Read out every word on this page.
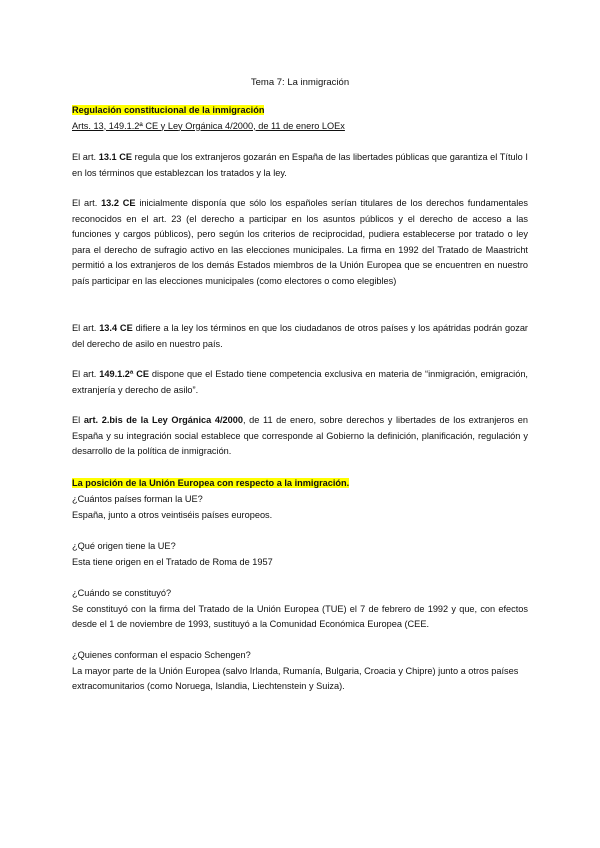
Tema 7: La inmigración
Regulación constitucional de la inmigración
Arts. 13, 149.1.2ª CE y Ley Orgánica 4/2000, de 11 de enero LOEx
El art. 13.1 CE regula que los extranjeros gozarán en España de las libertades públicas que garantiza el Título I en los términos que establezcan los tratados y la ley.
El art. 13.2 CE inicialmente disponía que sólo los españoles serían titulares de los derechos fundamentales reconocidos en el art. 23 (el derecho a participar en los asuntos públicos y el derecho de acceso a las funciones y cargos públicos), pero según los criterios de reciprocidad, pudiera establecerse por tratado o ley para el derecho de sufragio activo en las elecciones municipales. La firma en 1992 del Tratado de Maastricht permitió a los extranjeros de los demás Estados miembros de la Unión Europea que se encuentren en nuestro país participar en las elecciones municipales (como electores o como elegibles)
El art. 13.4 CE difiere a la ley los términos en que los ciudadanos de otros países y los apátridas podrán gozar del derecho de asilo en nuestro país.
El art. 149.1.2ª CE dispone que el Estado tiene competencia exclusiva en materia de “inmigración, emigración, extranjería y derecho de asilo”.
El art. 2.bis de la Ley Orgánica 4/2000, de 11 de enero, sobre derechos y libertades de los extranjeros en España y su integración social establece que corresponde al Gobierno la definición, planificación, regulación y desarrollo de la política de inmigración.
La posición de la Unión Europea con respecto a la inmigración.
¿Cuántos países forman la UE?
España, junto a otros veintiséis países europeos.
¿Qué origen tiene la UE?
Esta tiene origen en el Tratado de Roma de 1957
¿Cuándo se constituyó?
Se constituyó con la firma del Tratado de la Unión Europea (TUE) el 7 de febrero de 1992 y que, con efectos desde el 1 de noviembre de 1993, sustituyó a la Comunidad Económica Europea (CEE.
¿Quienes conforman el espacio Schengen?
La mayor parte de la Unión Europea (salvo Irlanda, Rumanía, Bulgaria, Croacia y Chipre) junto a otros países extracomunitarios (como Noruega, Islandia, Liechtenstein y Suiza).
